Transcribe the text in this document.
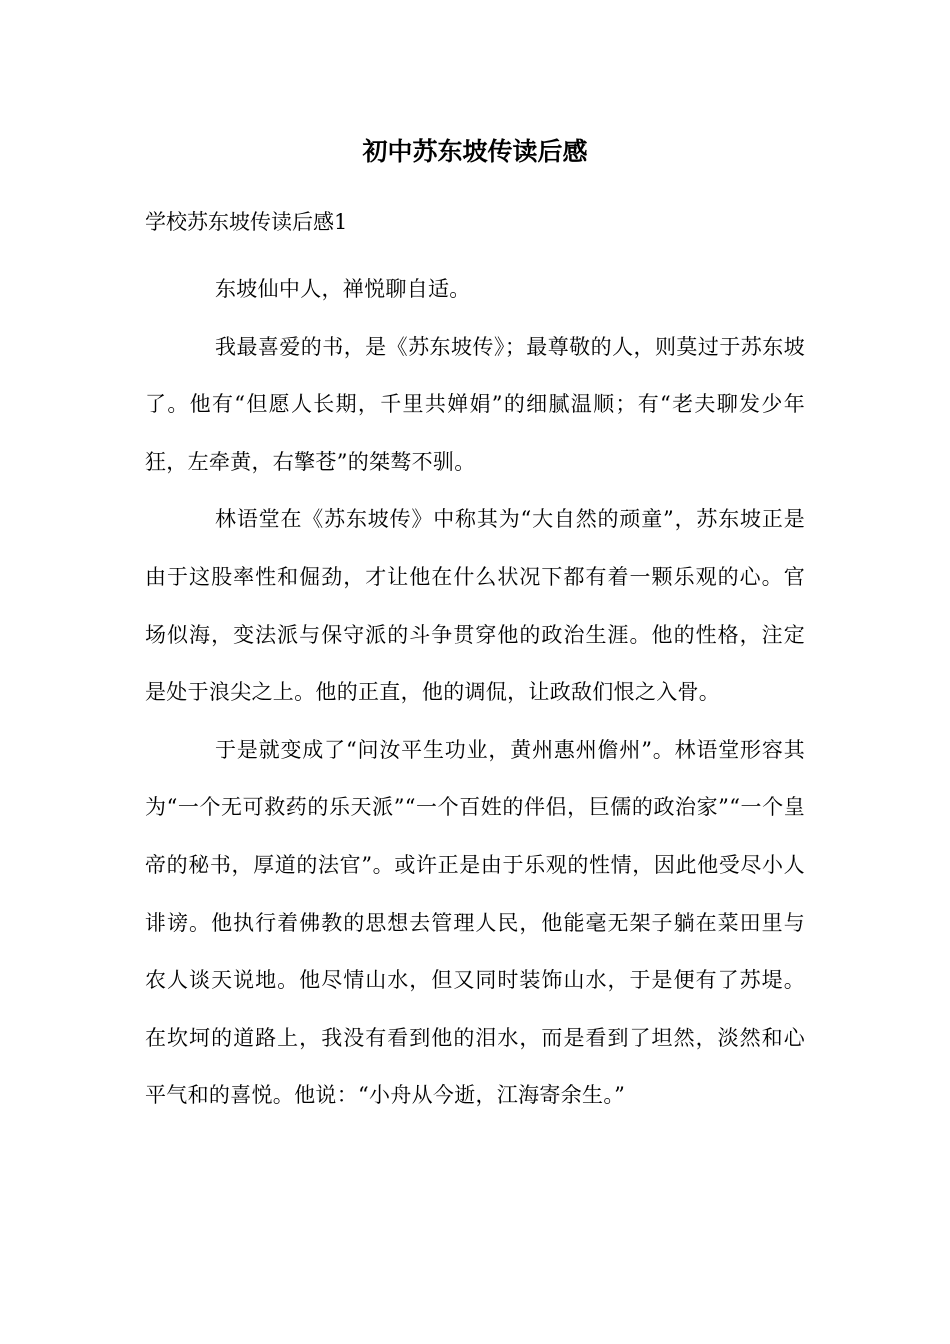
初中苏东坡传读后感

学校苏东坡传读后感1

东坡仙中人，禅悦聊自适。

我最喜爱的书，是《苏东坡传》；最尊敬的人，则莫过于苏东坡了。他有“但愿人长期，千里共婵娟”的细腻温顺；有“老夫聊发少年狂，左牵黄，右擎苍”的桀骜不驯。

林语堂在《苏东坡传》中称其为“大自然的顽童”，苏东坡正是由于这股率性和倔劲，才让他在什么状况下都有着一颗乐观的心。官场似海，变法派与保守派的斗争贯穿他的政治生涯。他的性格，注定是处于浪尖之上。他的正直，他的调侃，让政敌们恨之入骨。

于是就变成了“问汝平生功业，黄州惠州儋州”。林语堂形容其为“一个无可救药的乐天派”“一个百姓的伴侣，巨儒的政治家”“一个皇帝的秘书，厚道的法官”。或许正是由于乐观的性情，因此他受尽小人诽谤。他执行着佛教的思想去管理人民，他能毫无架子躺在菜田里与农人谈天说地。他尽情山水，但又同时装饰山水，于是便有了苏堤。在坎坷的道路上，我没有看到他的泪水，而是看到了坦然，淡然和心平气和的喜悦。他说：“小舟从今逝，江海寄余生。”
